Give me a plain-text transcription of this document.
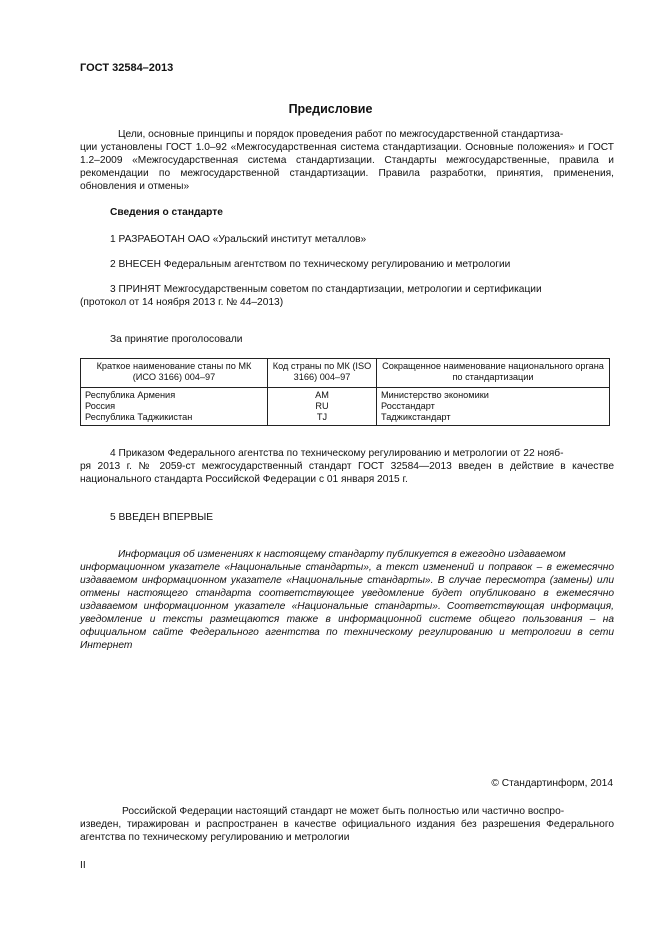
ГОСТ 32584–2013
Предисловие
Цели, основные принципы и порядок проведения работ по межгосударственной стандартиза-
ции установлены ГОСТ 1.0–92 «Межгосударственная система стандартизации. Основные положения» и ГОСТ 1.2–2009 «Межгосударственная система стандартизации. Стандарты межгосударственные, правила и рекомендации по межгосударственной стандартизации. Правила разработки, принятия, применения, обновления и отмены»
Сведения о стандарте
1 РАЗРАБОТАН ОАО «Уральский институт металлов»
2 ВНЕСЕН Федеральным агентством по техническому регулированию и метрологии
3 ПРИНЯТ Межгосударственным советом по стандартизации, метрологии и сертификации
(протокол от 14 ноября 2013 г. № 44–2013)
За принятие проголосовали
Краткое наименование станы по МК (ИСО 3166) 004–97	Код страны по МК (ISO 3166) 004–97	Сокращенное наименование национального органа по стандартизации

Республика Армения	AM	Министерство экономики
Россия	RU	Росстандарт
Республика Таджикистан	TJ	Таджикстандарт
4 Приказом Федерального агентства по техническому регулированию и метрологии от 22 нояб-
ря 2013 г. № 2059-ст межгосударственный стандарт ГОСТ 32584—2013 введен в действие в качестве национального стандарта Российской Федерации с 01 января 2015 г.
5 ВВЕДЕН ВПЕРВЫЕ
Информация об изменениях к настоящему стандарту публикуется в ежегодно издаваемом
информационном указателе «Национальные стандарты», а текст изменений и поправок – в ежемесячно издаваемом информационном указателе «Национальные стандарты». В случае пересмотра (замены) или отмены настоящего стандарта соответствующее уведомление будет опубликовано в ежемесячно издаваемом информационном указателе «Национальные стандарты». Соответствующая информация, уведомление и тексты размещаются также в информационной системе общего пользования – на официальном сайте Федерального агентства по техническому регулированию и метрологии в сети Интернет
© Стандартинформ, 2014
Российской Федерации настоящий стандарт не может быть полностью или частично воспро-
изведен, тиражирован и распространен в качестве официального издания без разрешения Федерального агентства по техническому регулированию и метрологии
II
